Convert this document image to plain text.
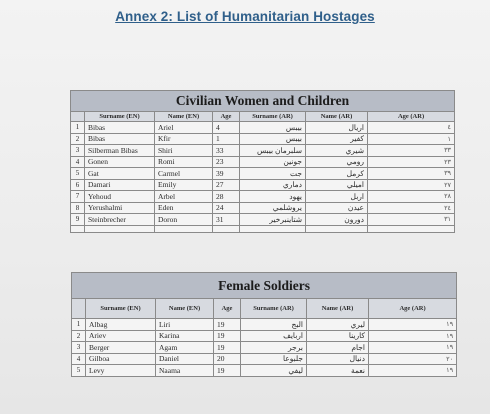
Annex 2: List of Humanitarian Hostages
Civilian Women and Children						
	Surname (EN)	Name (EN)	Age	Surname (AR)	Name (AR)	Age (AR)
1	Bibas	Ariel	4	بيبس	اريال	٤
2	Bibas	Kfir	1	بيبس	كفير	١
3	Silberman Bibas	Shiri	33	سلبرمان بيبس	شيري	٣٣
4	Gonen	Romi	23	جونين	رومي	٢٣
5	Gat	Carmel	39	جت	كرمل	٣٩
6	Damari	Emily	27	دماري	اميلي	٢٧
7	Yehoud	Arbel	28	يهود	اربل	٢٨
8	Yerushalmi	Eden	24	يروشلمي	عيدن	٢٤
9	Steinbrecher	Doron	31	شتاينبرخير	دورون	٣١

Female Soldiers						
	Surname (EN)	Name (EN)	Age	Surname (AR)	Name (AR)	Age (AR)
1	Albag	Liri	19	البج	ليري	١٩
2	Ariev	Karina	19	اربايف	كارينا	١٩
3	Berger	Agam	19	برجر	اجام	١٩
4	Gilboa	Daniel	20	جلبوعا	دنيال	٢٠
5	Levy	Naama	19	ليفي	نعمة	١٩
